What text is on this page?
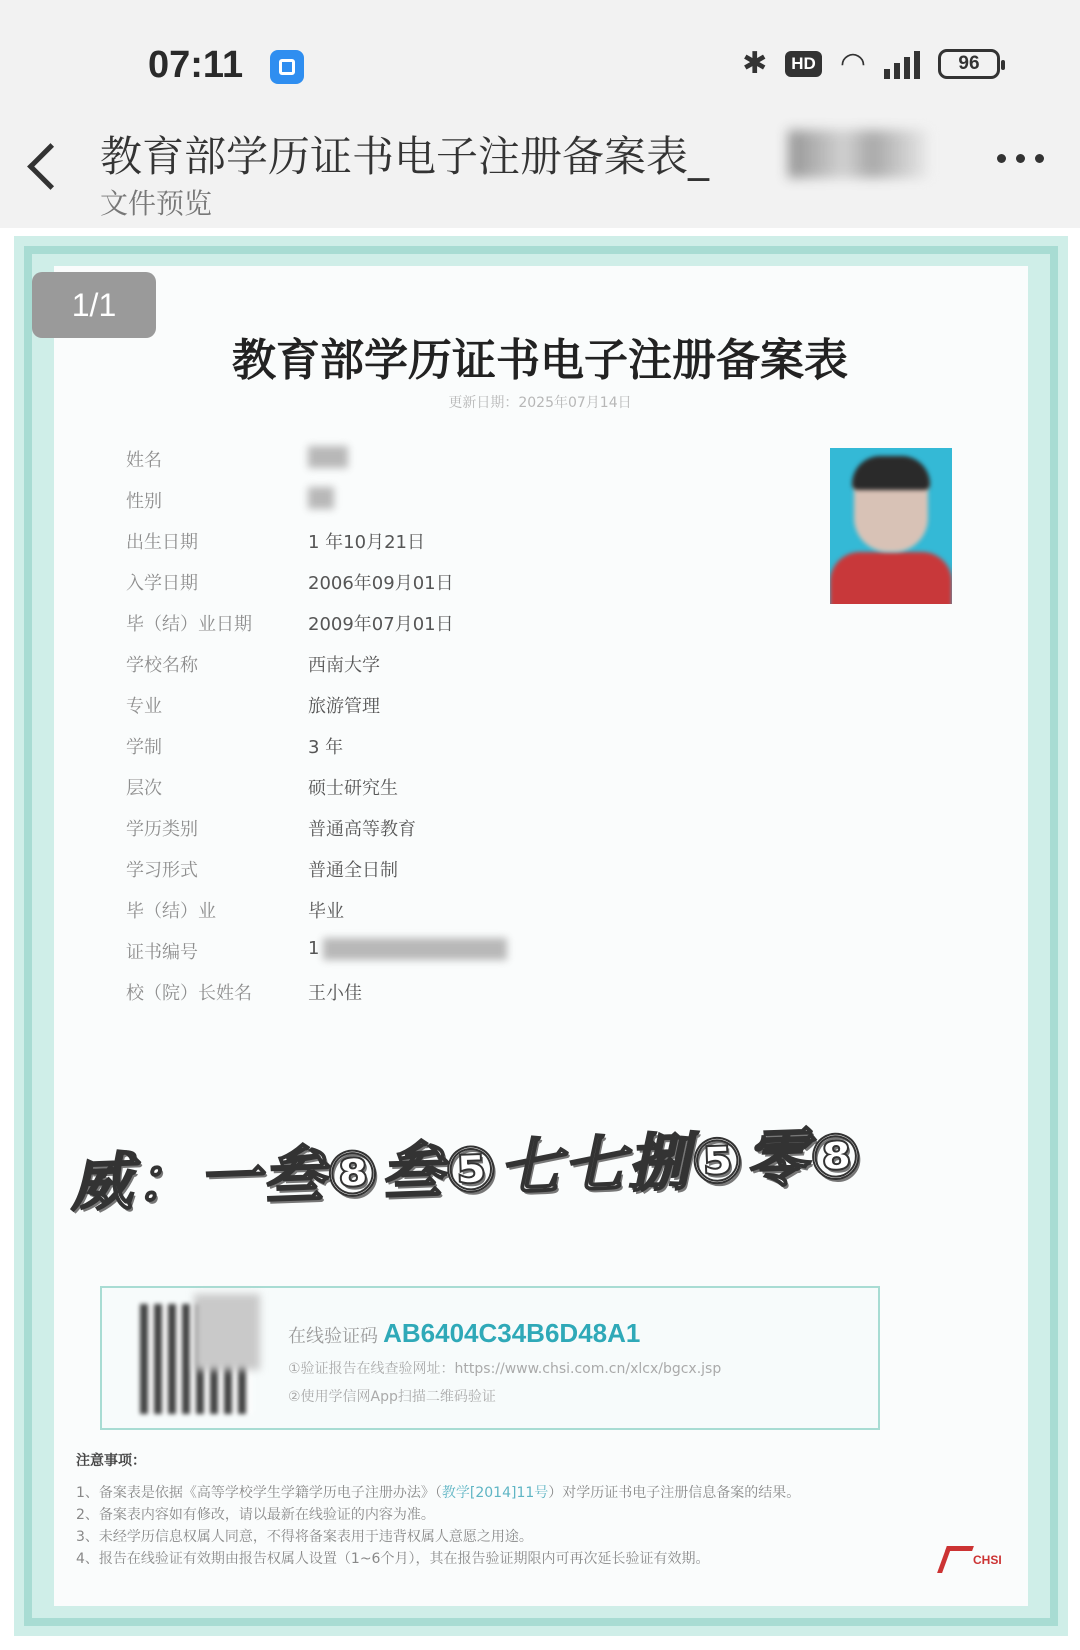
07:11	✱	HD ◠	96
教育部学历证书电子注册备案表_
文件预览
1/1
教育部学历证书电子注册备案表
更新日期：2025年07月14日
姓名
性别
出生日期	1 年10月21日
入学日期	2006年09月01日
毕（结）业日期	2009年07月01日
学校名称	西南大学
专业	旅游管理
学制	3 年
层次	硕士研究生
学历类别	普通高等教育
学习形式	普通全日制
毕（结）业	毕业
证书编号	1
校（院）长姓名	王小佳
威：一叁⑧叁⑤七七捌⑤零⑧
在线验证码 AB6404C34B6D48A1
①验证报告在线查验网址：https://www.chsi.com.cn/xlcx/bgcx.jsp
②使用学信网App扫描二维码验证
注意事项：
1、备案表是依据《高等学校学生学籍学历电子注册办法》（教学[2014]11号）对学历证书电子注册信息备案的结果。
2、备案表内容如有修改，请以最新在线验证的内容为准。
3、未经学历信息权属人同意，不得将备案表用于违背权属人意愿之用途。
4、报告在线验证有效期由报告权属人设置（1~6个月），其在报告验证期限内可再次延长验证有效期。	CHSI
